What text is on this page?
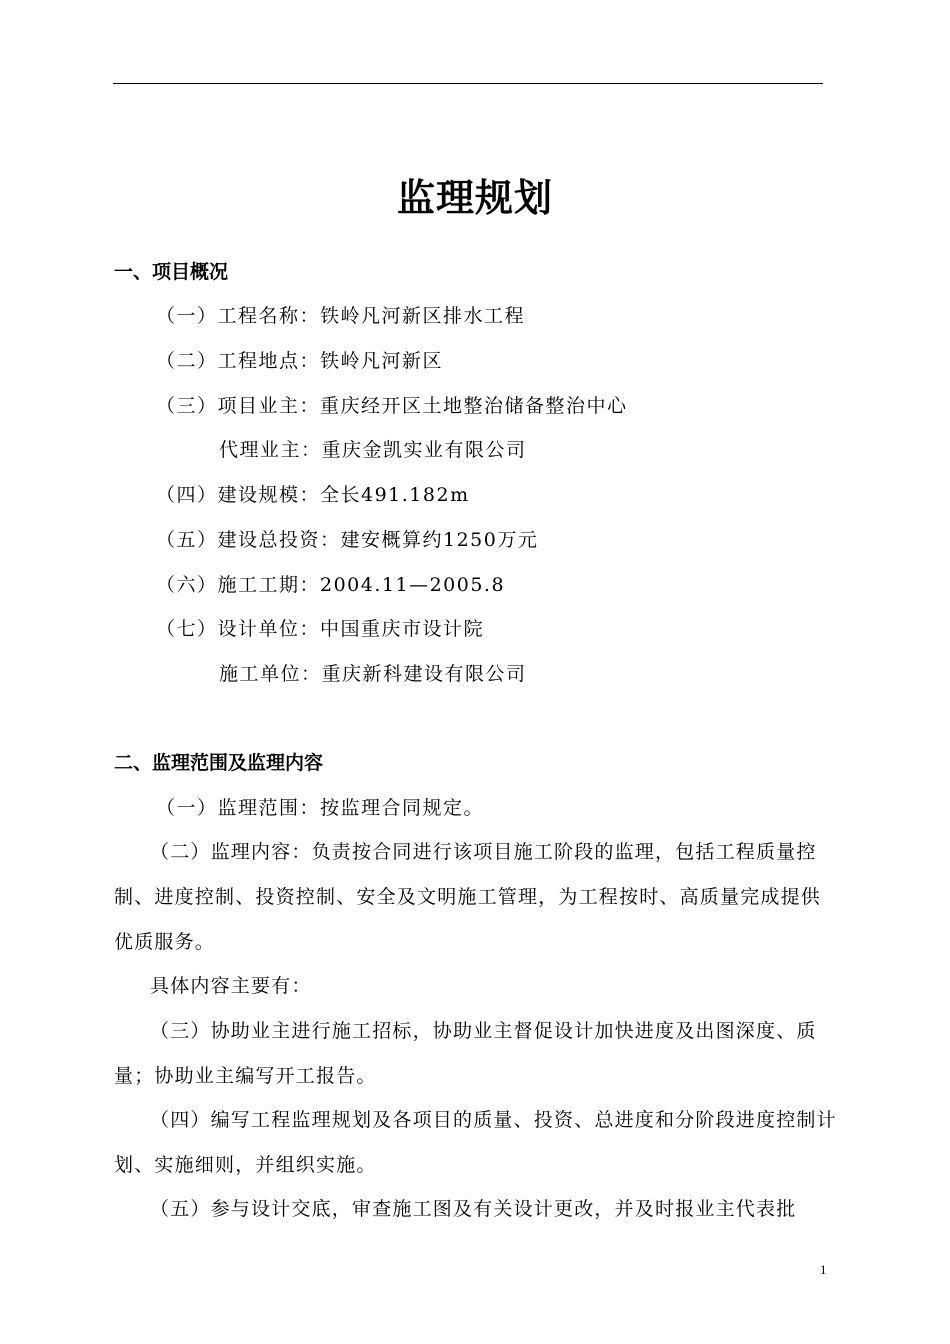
监理规划
一、项目概况
（一）工程名称：铁岭凡河新区排水工程
（二）工程地点：铁岭凡河新区
（三）项目业主：重庆经开区土地整治储备整治中心
代理业主：重庆金凯实业有限公司
（四）建设规模：全长491.182m
（五）建设总投资：建安概算约1250万元
（六）施工工期：2004.11—2005.8
（七）设计单位：中国重庆市设计院
施工单位：重庆新科建设有限公司
二、监理范围及监理内容
（一）监理范围：按监理合同规定。
（二）监理内容：负责按合同进行该项目施工阶段的监理，包括工程质量控制、进度控制、投资控制、安全及文明施工管理，为工程按时、高质量完成提供优质服务。
具体内容主要有：
（三）协助业主进行施工招标，协助业主督促设计加快进度及出图深度、质量；协助业主编写开工报告。
（四）编写工程监理规划及各项目的质量、投资、总进度和分阶段进度控制计划、实施细则，并组织实施。
（五）参与设计交底，审查施工图及有关设计更改，并及时报业主代表批
1
